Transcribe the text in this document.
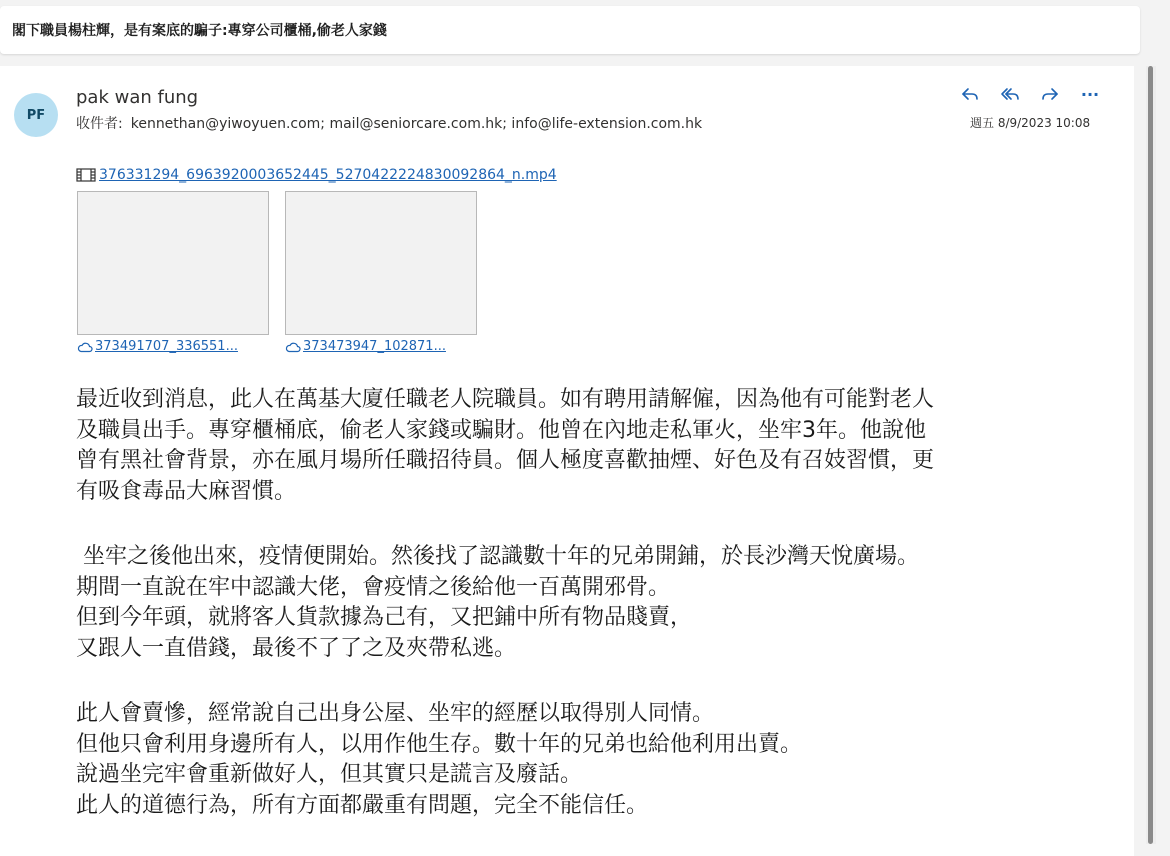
閣下職員楊柱輝，是有案底的騙子:專穿公司櫃桶,偷老人家錢
PF
pak wan fung
收件者: kennethan@yiwoyuen.com; mail@seniorcare.com.hk; info@life-extension.com.hk
···
週五 8/9/2023 10:08
376331294_6963920003652445_5270422224830092864_n.mp4
373491707_336551...	373473947_102871...

最近收到消息，此人在萬基大廈任職老人院職員。如有聘用請解僱，因為他有可能對老人
及職員出手。專穿櫃桶底，偷老人家錢或騙財。他曾在內地走私軍火，坐牢3年。他說他
曾有黑社會背景，亦在風月場所任職招待員。個人極度喜歡抽煙、好色及有召妓習慣，更
有吸食毒品大麻習慣。

坐牢之後他出來，疫情便開始。然後找了認識數十年的兄弟開鋪，於長沙灣天悅廣場。
期間一直說在牢中認識大佬，會疫情之後給他一百萬開邪骨。
但到今年頭，就將客人貨款據為己有，又把鋪中所有物品賤賣，
又跟人一直借錢，最後不了了之及夾帶私逃。

此人會賣慘，經常說自己出身公屋、坐牢的經歷以取得別人同情。
但他只會利用身邊所有人，以用作他生存。數十年的兄弟也給他利用出賣。
說過坐完牢會重新做好人，但其實只是謊言及廢話。
此人的道德行為，所有方面都嚴重有問題，完全不能信任。
